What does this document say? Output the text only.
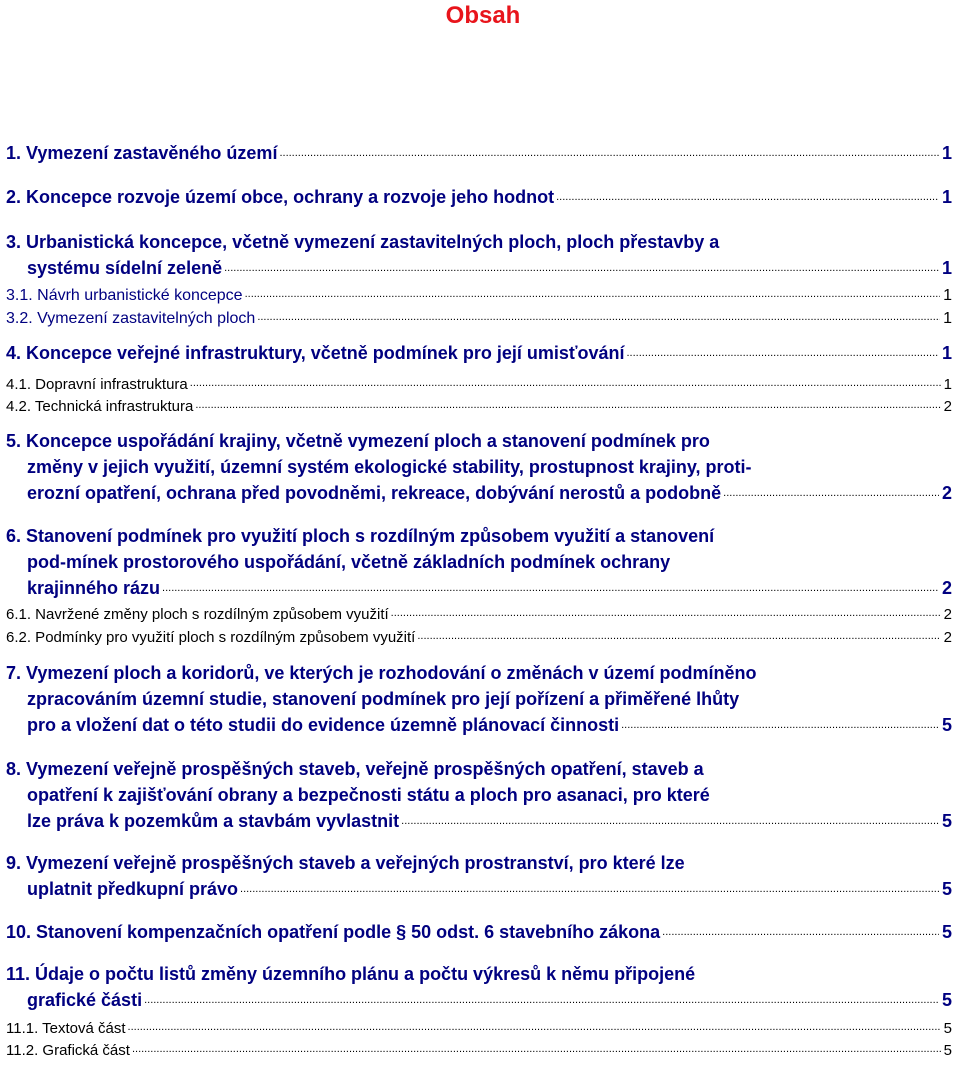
Obsah
1. Vymezení zastavěného území .....	1
2. Koncepce rozvoje území obce, ochrany a rozvoje jeho hodnot .....	1
3. Urbanistická koncepce, včetně vymezení zastavitelných ploch, ploch přestavby a
systému sídelní zeleně .....	1
3.1. Návrh urbanistické koncepce .....	1
3.2. Vymezení zastavitelných ploch .....	1
4. Koncepce veřejné infrastruktury, včetně podmínek pro její umisťování .....	1
4.1. Dopravní infrastruktura .....	1
4.2. Technická infrastruktura .....	2
5. Koncepce uspořádání krajiny, včetně vymezení ploch a stanovení podmínek pro
změny v jejich využití, územní systém ekologické stability, prostupnost krajiny, proti-
erozní opatření, ochrana před povodněmi, rekreace, dobývání nerostů a podobně .....	2
6. Stanovení podmínek pro využití ploch s rozdílným způsobem využití a stanovení
pod-mínek prostorového uspořádání, včetně základních podmínek ochrany
krajinného rázu .....	2
6.1. Navržené změny ploch s rozdílným způsobem využití .....	2
6.2. Podmínky pro využití ploch s rozdílným způsobem využití .....	2
7. Vymezení ploch a koridorů, ve kterých je rozhodování o změnách v území podmíněno
zpracováním územní studie, stanovení podmínek pro její pořízení a přiměřené lhůty
pro a vložení dat o této studii do evidence územně plánovací činnosti .....	5
8. Vymezení veřejně prospěšných staveb, veřejně prospěšných opatření, staveb a
opatření k zajišťování obrany a bezpečnosti státu a ploch pro asanaci, pro které
lze práva k pozemkům a stavbám vyvlastnit .....	5
9. Vymezení veřejně prospěšných staveb a veřejných prostranství, pro které lze
uplatnit předkupní právo .....	5
10. Stanovení kompenzačních opatření podle § 50 odst. 6 stavebního zákona .....	5
11. Údaje o počtu listů změny územního plánu a počtu výkresů k němu připojené
grafické části .....	5
11.1. Textová část .....	5
11.2. Grafická část .....	5
